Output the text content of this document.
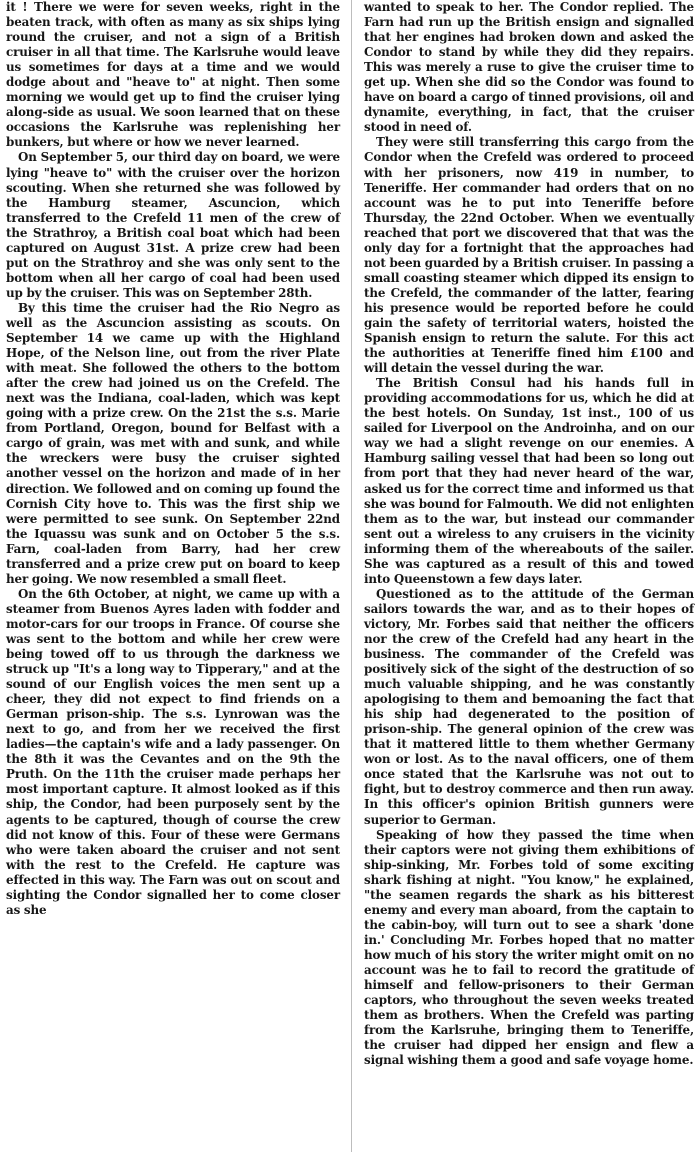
it ! There we were for seven weeks, right in the beaten track, with often as many as six ships lying round the cruiser, and not a sign of a British cruiser in all that time. The Karlsruhe would leave us sometimes for days at a time and we would dodge about and "heave to" at night. Then some morning we would get up to find the cruiser lying along-side as usual. We soon learned that on these occasions the Karlsruhe was replenishing her bunkers, but where or how we never learned.

On September 5, our third day on board, we were lying "heave to" with the cruiser over the horizon scouting. When she returned she was followed by the Hamburg steamer, Ascuncion, which transferred to the Crefeld 11 men of the crew of the Strathroy, a British coal boat which had been captured on August 31st. A prize crew had been put on the Strathroy and she was only sent to the bottom when all her cargo of coal had been used up by the cruiser. This was on September 28th.

By this time the cruiser had the Rio Negro as well as the Ascuncion assisting as scouts. On September 14 we came up with the Highland Hope, of the Nelson line, out from the river Plate with meat. She followed the others to the bottom after the crew had joined us on the Crefeld. The next was the Indiana, coal-laden, which was kept going with a prize crew. On the 21st the s.s. Marie from Portland, Oregon, bound for Belfast with a cargo of grain, was met with and sunk, and while the wreckers were busy the cruiser sighted another vessel on the horizon and made of in her direction. We followed and on coming up found the Cornish City hove to. This was the first ship we were permitted to see sunk. On September 22nd the Iquassu was sunk and on October 5 the s.s. Farn, coal-laden from Barry, had her crew transferred and a prize crew put on board to keep her going. We now resembled a small fleet.

On the 6th October, at night, we came up with a steamer from Buenos Ayres laden with fodder and motor-cars for our troops in France. Of course she was sent to the bottom and while her crew were being towed off to us through the darkness we struck up "It's a long way to Tipperary," and at the sound of our English voices the men sent up a cheer, they did not expect to find friends on a German prison-ship. The s.s. Lynrowan was the next to go, and from her we received the first ladies—the captain's wife and a lady passenger. On the 8th it was the Cevantes and on the 9th the Pruth. On the 11th the cruiser made perhaps her most important capture. It almost looked as if this ship, the Condor, had been purposely sent by the agents to be captured, though of course the crew did not know of this. Four of these were Germans who were taken aboard the cruiser and not sent with the rest to the Crefeld. He capture was effected in this way. The Farn was out on scout and sighting the Condor signalled her to come closer as she

wanted to speak to her. The Condor replied. The Farn had run up the British ensign and signalled that her engines had broken down and asked the Condor to stand by while they did they repairs. This was merely a ruse to give the cruiser time to get up. When she did so the Condor was found to have on board a cargo of tinned provisions, oil and dynamite, everything, in fact, that the cruiser stood in need of.

They were still transferring this cargo from the Condor when the Crefeld was ordered to proceed with her prisoners, now 419 in number, to Teneriffe. Her commander had orders that on no account was he to put into Teneriffe before Thursday, the 22nd October. When we eventually reached that port we discovered that that was the only day for a fortnight that the approaches had not been guarded by a British cruiser. In passing a small coasting steamer which dipped its ensign to the Crefeld, the commander of the latter, fearing his presence would be reported before he could gain the safety of territorial waters, hoisted the Spanish ensign to return the salute. For this act the authorities at Teneriffe fined him £100 and will detain the vessel during the war.

The British Consul had his hands full in providing accommodations for us, which he did at the best hotels. On Sunday, 1st inst., 100 of us sailed for Liverpool on the Androinha, and on our way we had a slight revenge on our enemies. A Hamburg sailing vessel that had been so long out from port that they had never heard of the war, asked us for the correct time and informed us that she was bound for Falmouth. We did not enlighten them as to the war, but instead our commander sent out a wireless to any cruisers in the vicinity informing them of the whereabouts of the sailer. She was captured as a result of this and towed into Queenstown a few days later.

Questioned as to the attitude of the German sailors towards the war, and as to their hopes of victory, Mr. Forbes said that neither the officers nor the crew of the Crefeld had any heart in the business. The commander of the Crefeld was positively sick of the sight of the destruction of so much valuable shipping, and he was constantly apologising to them and bemoaning the fact that his ship had degenerated to the position of prison-ship. The general opinion of the crew was that it mattered little to them whether Germany won or lost. As to the naval officers, one of them once stated that the Karlsruhe was not out to fight, but to destroy commerce and then run away. In this officer's opinion British gunners were superior to German.

Speaking of how they passed the time when their captors were not giving them exhibitions of ship-sinking, Mr. Forbes told of some exciting shark fishing at night. "You know," he explained, "the seamen regards the shark as his bitterest enemy and every man aboard, from the captain to the cabin-boy, will turn out to see a shark 'done in.' Concluding Mr. Forbes hoped that no matter how much of his story the writer might omit on no account was he to fail to record the gratitude of himself and fellow-prisoners to their German captors, who throughout the seven weeks treated them as brothers. When the Crefeld was parting from the Karlsruhe, bringing them to Teneriffe, the cruiser had dipped her ensign and flew a signal wishing them a good and safe voyage home.
